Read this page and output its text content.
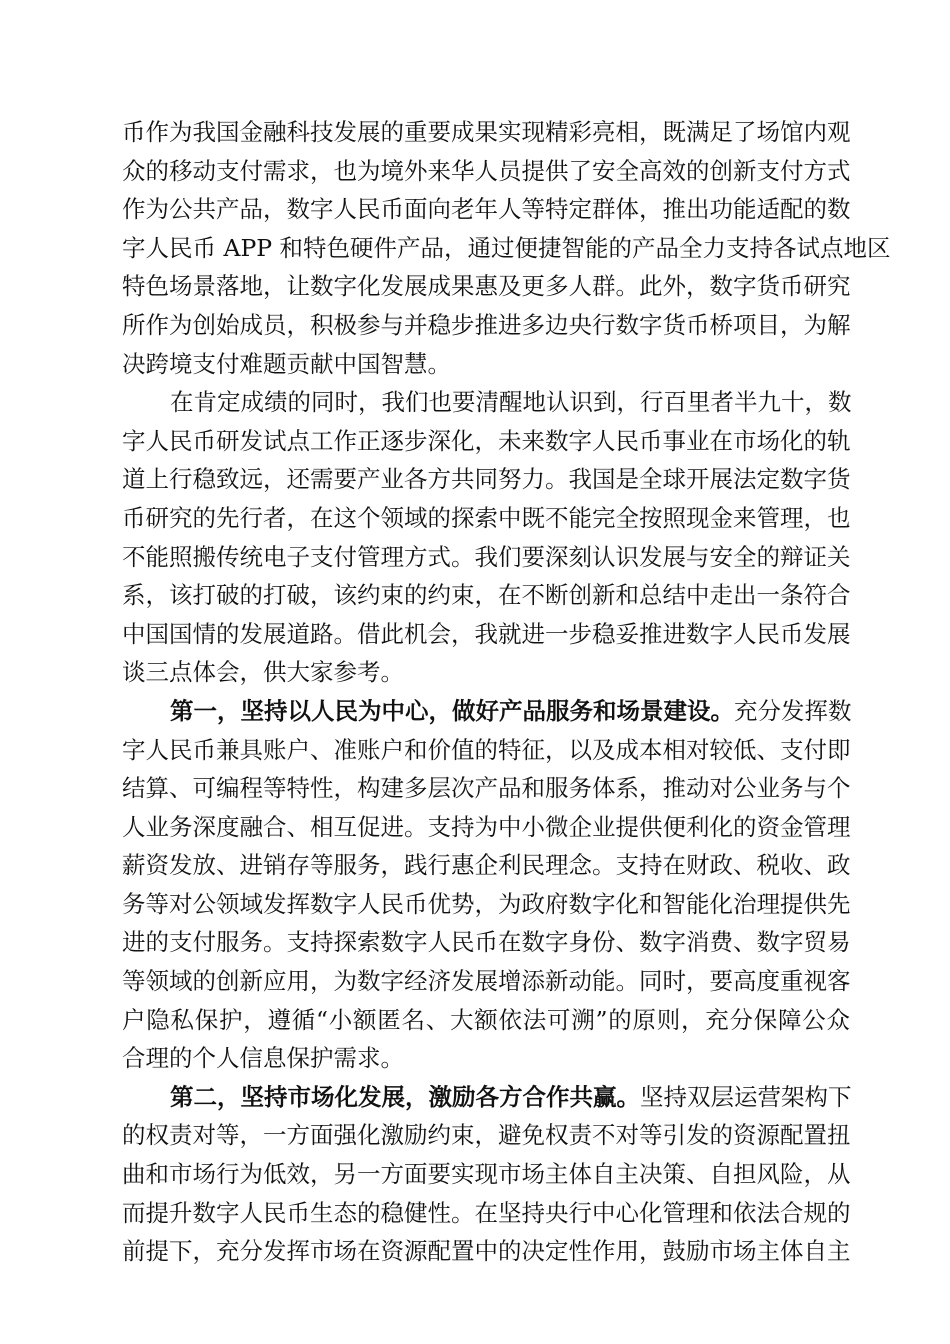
币作为我国金融科技发展的重要成果实现精彩亮相，既满足了场馆内观
众的移动支付需求，也为境外来华人员提供了安全高效的创新支付方式
作为公共产品，数字人民币面向老年人等特定群体，推出功能适配的数
字人民币 APP 和特色硬件产品，通过便捷智能的产品全力支持各试点地区
特色场景落地，让数字化发展成果惠及更多人群。此外，数字货币研究
所作为创始成员，积极参与并稳步推进多边央行数字货币桥项目，为解
决跨境支付难题贡献中国智慧。
在肯定成绩的同时，我们也要清醒地认识到，行百里者半九十，数
字人民币研发试点工作正逐步深化，未来数字人民币事业在市场化的轨
道上行稳致远，还需要产业各方共同努力。我国是全球开展法定数字货
币研究的先行者，在这个领域的探索中既不能完全按照现金来管理，也
不能照搬传统电子支付管理方式。我们要深刻认识发展与安全的辩证关
系，该打破的打破，该约束的约束，在不断创新和总结中走出一条符合
中国国情的发展道路。借此机会，我就进一步稳妥推进数字人民币发展
谈三点体会，供大家参考。
第一，坚持以人民为中心，做好产品服务和场景建设。充分发挥数
字人民币兼具账户、准账户和价值的特征，以及成本相对较低、支付即
结算、可编程等特性，构建多层次产品和服务体系，推动对公业务与个
人业务深度融合、相互促进。支持为中小微企业提供便利化的资金管理
薪资发放、进销存等服务，践行惠企利民理念。支持在财政、税收、政
务等对公领域发挥数字人民币优势，为政府数字化和智能化治理提供先
进的支付服务。支持探索数字人民币在数字身份、数字消费、数字贸易
等领域的创新应用，为数字经济发展增添新动能。同时，要高度重视客
户隐私保护，遵循“小额匿名、大额依法可溯”的原则，充分保障公众
合理的个人信息保护需求。
第二，坚持市场化发展，激励各方合作共赢。坚持双层运营架构下
的权责对等，一方面强化激励约束，避免权责不对等引发的资源配置扭
曲和市场行为低效，另一方面要实现市场主体自主决策、自担风险，从
而提升数字人民币生态的稳健性。在坚持央行中心化管理和依法合规的
前提下，充分发挥市场在资源配置中的决定性作用，鼓励市场主体自主
